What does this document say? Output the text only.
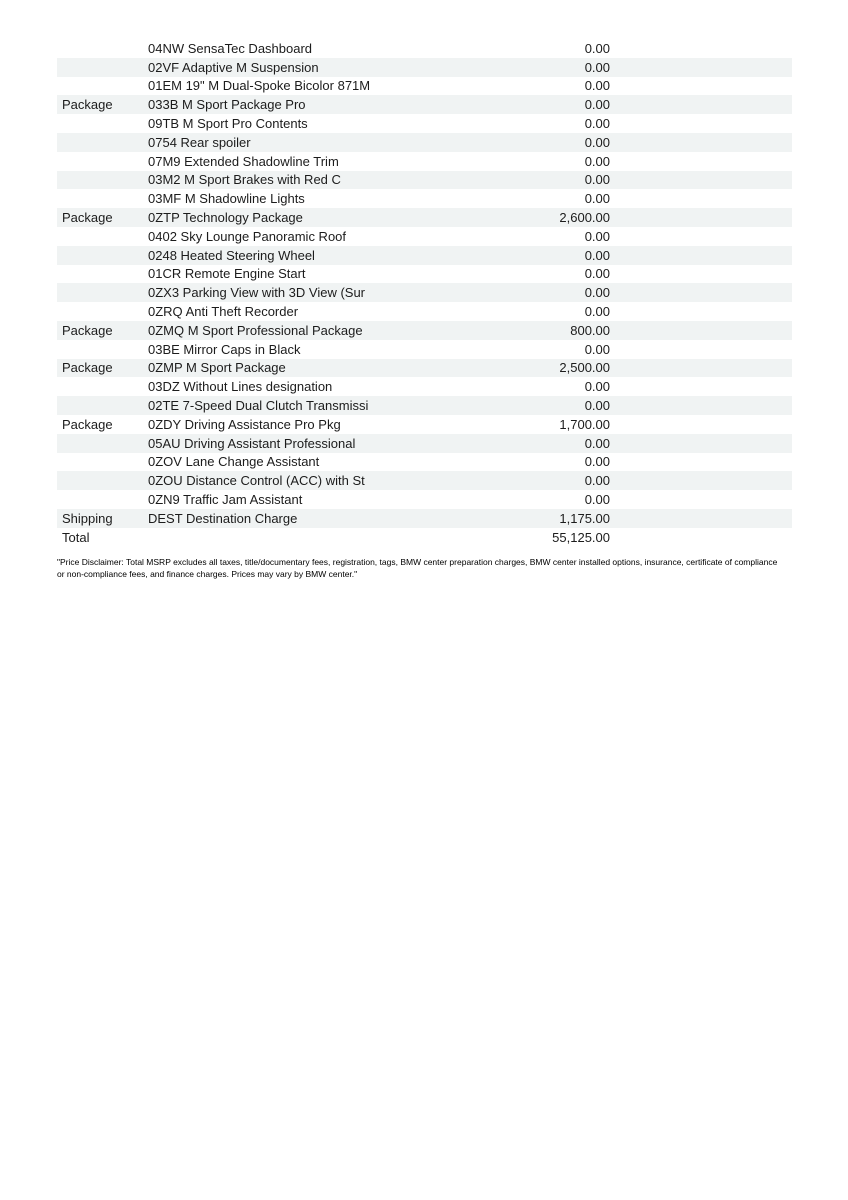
04NW SensaTec Dashboard	0.00
02VF Adaptive M Suspension	0.00
01EM 19" M Dual-Spoke Bicolor 871M	0.00
Package	033B M Sport Package Pro	0.00
09TB M Sport Pro Contents	0.00
0754 Rear spoiler	0.00
07M9 Extended Shadowline Trim	0.00
03M2 M Sport Brakes with Red C	0.00
03MF M Shadowline Lights	0.00
Package	0ZTP Technology Package	2,600.00
0402 Sky Lounge Panoramic Roof	0.00
0248 Heated Steering Wheel	0.00
01CR Remote Engine Start	0.00
0ZX3 Parking View with 3D View (Sur	0.00
0ZRQ Anti Theft Recorder	0.00
Package	0ZMQ M Sport Professional Package	800.00
03BE Mirror Caps in Black	0.00
Package	0ZMP M Sport Package	2,500.00
03DZ Without Lines designation	0.00
02TE 7-Speed Dual Clutch Transmissi	0.00
Package	0ZDY Driving Assistance Pro Pkg	1,700.00
05AU Driving Assistant Professional	0.00
0ZOV Lane Change Assistant	0.00
0ZOU Distance Control (ACC) with St	0.00
0ZN9 Traffic Jam Assistant	0.00
Shipping	DEST Destination Charge	1,175.00
Total	55,125.00
"Price Disclaimer: Total MSRP excludes all taxes, title/documentary fees, registration, tags, BMW center preparation charges, BMW center installed options, insurance, certificate of compliance or non-compliance fees, and finance charges. Prices may vary by BMW center."
